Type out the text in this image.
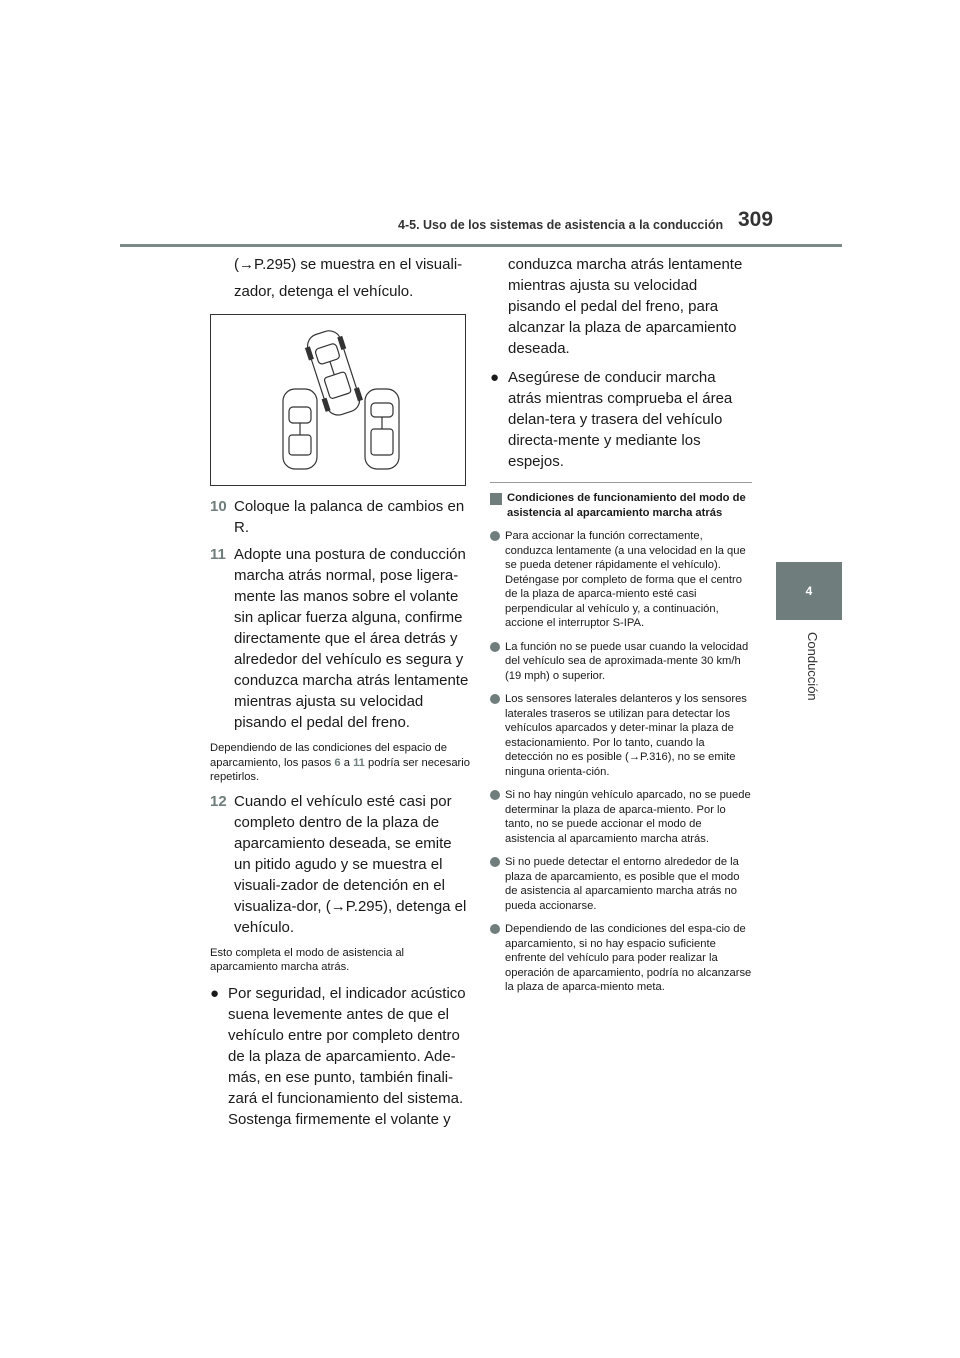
4-5. Uso de los sistemas de asistencia a la conducción 309
4
Conducción

(→P.295) se muestra en el visuali-

zador, detenga el vehículo.

10 Coloque la palanca de cambios en R.

11 Adopte una postura de conducción marcha atrás normal, pose ligera-mente las manos sobre el volante sin aplicar fuerza alguna, confirme directamente que el área detrás y alrededor del vehículo es segura y conduzca marcha atrás lentamente mientras ajusta su velocidad pisando el pedal del freno.

Dependiendo de las condiciones del espacio de aparcamiento, los pasos 6 a 11 podría ser necesario repetirlos.

12 Cuando el vehículo esté casi por completo dentro de la plaza de aparcamiento deseada, se emite un pitido agudo y se muestra el visuali-zador de detención en el visualiza-dor, (→P.295), detenga el vehículo.

Esto completa el modo de asistencia al aparcamiento marcha atrás.

● Por seguridad, el indicador acústico suena levemente antes de que el vehículo entre por completo dentro de la plaza de aparcamiento. Ade-más, en ese punto, también finali-zará el funcionamiento del sistema. Sostenga firmemente el volante y

conduzca marcha atrás lentamente mientras ajusta su velocidad pisando el pedal del freno, para alcanzar la plaza de aparcamiento deseada.

● Asegúrese de conducir marcha atrás mientras comprueba el área delan-tera y trasera del vehículo directa-mente y mediante los espejos.

Condiciones de funcionamiento del modo de asistencia al aparcamiento marcha atrás
Para accionar la función correctamente, conduzca lentamente (a una velocidad en la que se pueda detener rápidamente el vehículo). Deténgase por completo de forma que el centro de la plaza de aparca-miento esté casi perpendicular al vehículo y, a continuación, accione el interruptor S-IPA.
La función no se puede usar cuando la velocidad del vehículo sea de aproximada-mente 30 km/h (19 mph) o superior.
Los sensores laterales delanteros y los sensores laterales traseros se utilizan para detectar los vehículos aparcados y deter-minar la plaza de estacionamiento. Por lo tanto, cuando la detección no es posible (→P.316), no se emite ninguna orienta-ción.
Si no hay ningún vehículo aparcado, no se puede determinar la plaza de aparca-miento. Por lo tanto, no se puede accionar el modo de asistencia al aparcamiento marcha atrás.
Si no puede detectar el entorno alrededor de la plaza de aparcamiento, es posible que el modo de asistencia al aparcamiento marcha atrás no pueda accionarse.
Dependiendo de las condiciones del espa-cio de aparcamiento, si no hay espacio suficiente enfrente del vehículo para poder realizar la operación de aparcamiento, podría no alcanzarse la plaza de aparca-miento meta.
